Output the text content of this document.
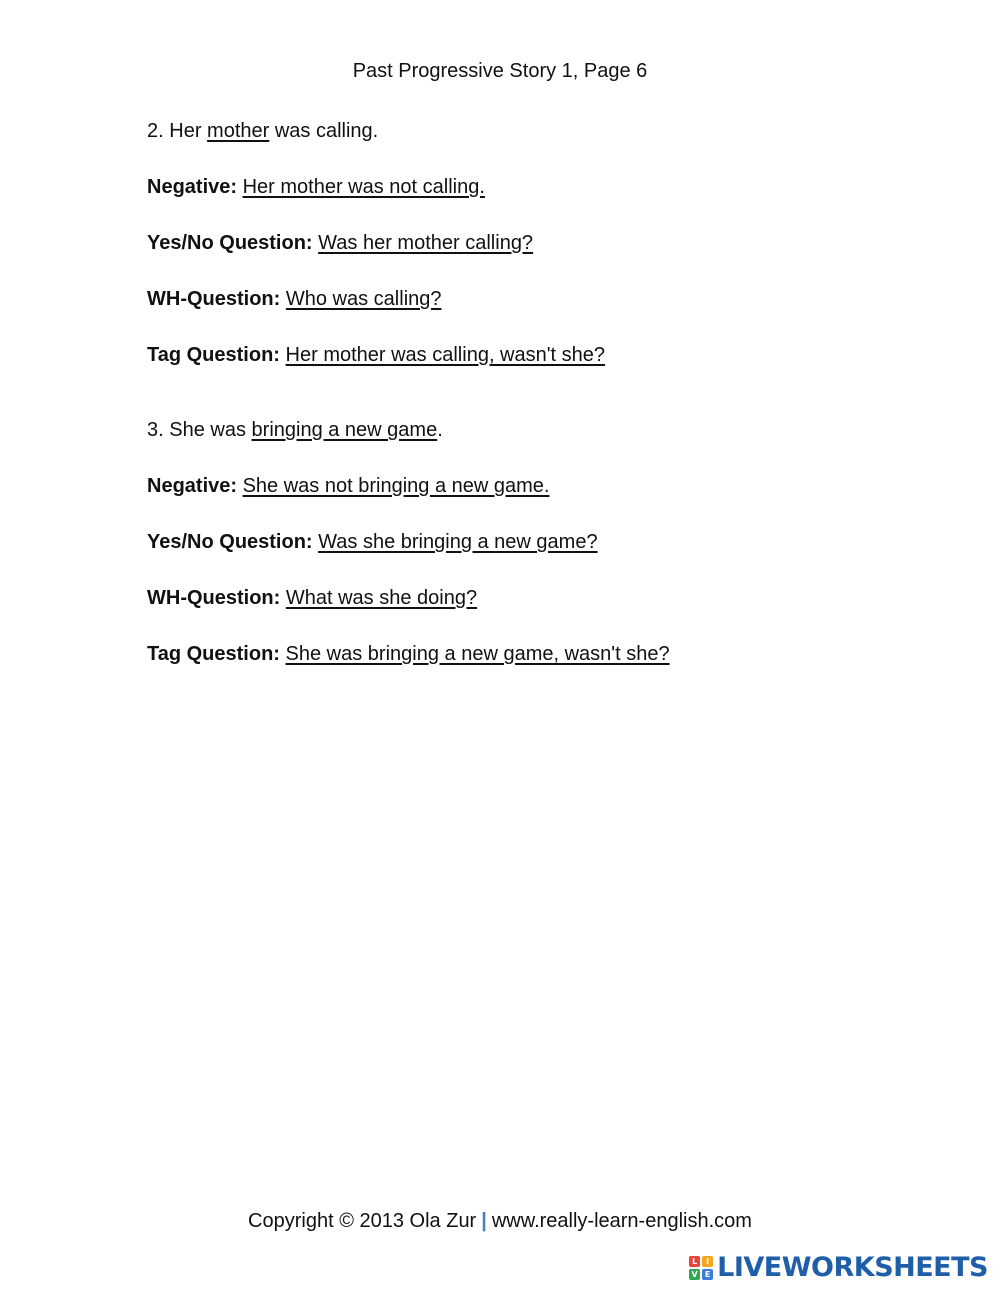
Past Progressive Story 1, Page 6
2. Her mother was calling.
Negative: Her mother was not calling.
Yes/No Question: Was her mother calling?
WH-Question: Who was calling?
Tag Question: Her mother was calling, wasn't she?
3. She was bringing a new game.
Negative: She was not bringing a new game.
Yes/No Question: Was she bringing a new game?
WH-Question: What was she doing?
Tag Question: She was bringing a new game, wasn't she?
Copyright © 2013 Ola Zur | www.really-learn-english.com
L	I
V E LIVEWORKSHEETS
